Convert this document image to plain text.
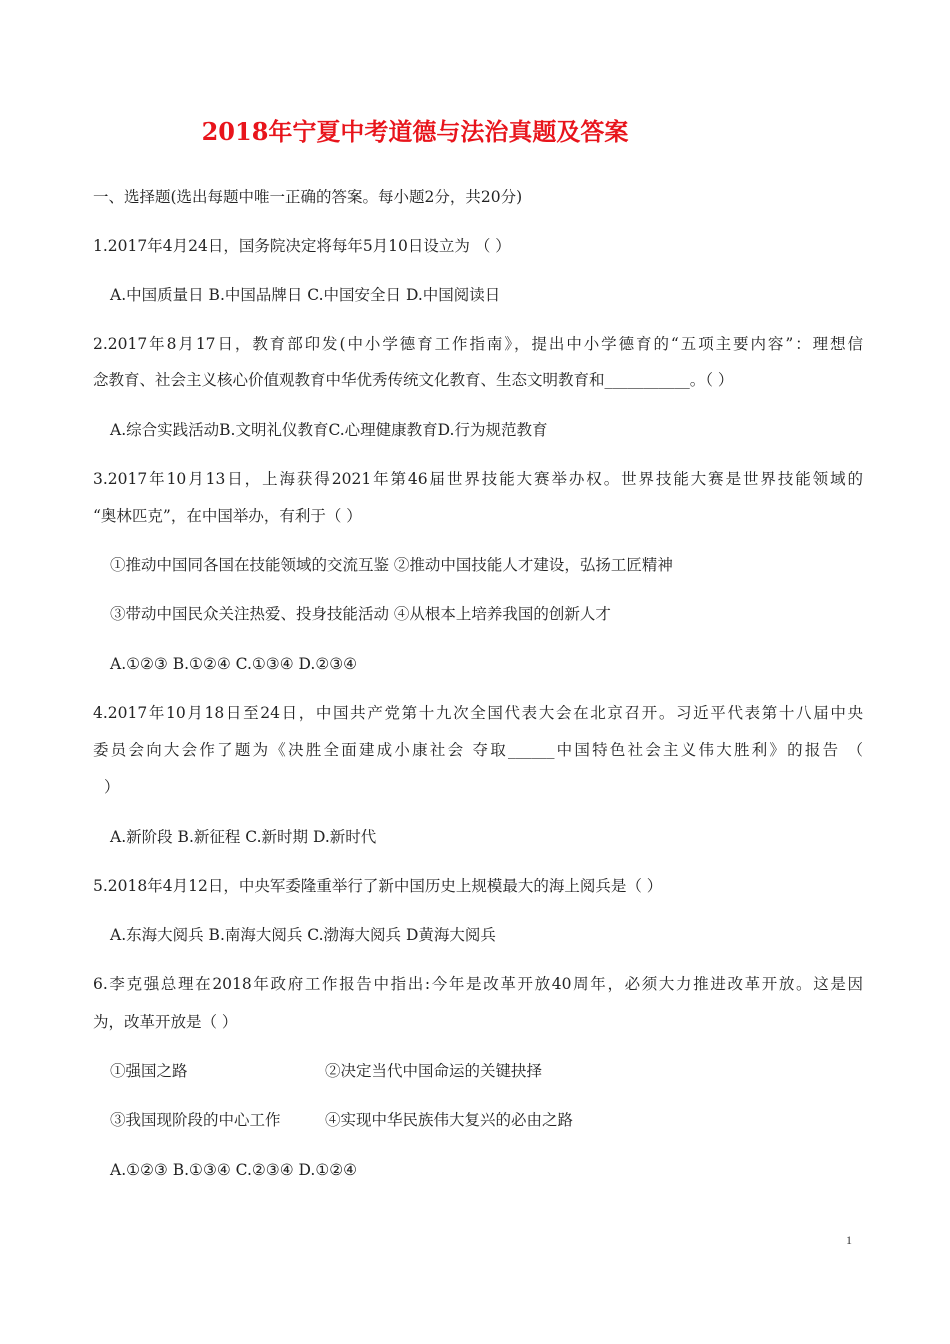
2018年宁夏中考道德与法治真题及答案
一、选择题(选出每题中唯一正确的答案。每小题2分，共20分)
1.2017年4月24日，国务院决定将每年5月10日设立为 （ ）
A.中国质量日 B.中国品牌日 C.中国安全日 D.中国阅读日
2.2017年8月17日，教育部印发(中小学德育工作指南》，提出中小学德育的“五项主要内容”：理想信
念教育、社会主义核心价值观教育中华优秀传统文化教育、生态文明教育和___________。（ ）
A.综合实践活动B.文明礼仪教育C.心理健康教育D.行为规范教育
3.2017年10月13日，上海获得2021年第46届世界技能大赛举办权。世界技能大赛是世界技能领域的
“奥林匹克”，在中国举办，有利于（ ）
①推动中国同各国在技能领域的交流互鉴 ②推动中国技能人才建设，弘扬工匠精神
③带动中国民众关注热爱、投身技能活动 ④从根本上培养我国的创新人才
A.①②③ B.①②④ C.①③④ D.②③④
4.2017年10月18日至24日，中国共产党第十九次全国代表大会在北京召开。习近平代表第十八届中央
委员会向大会作了题为《决胜全面建成小康社会 夺取______中国特色社会主义伟大胜利》的报告 （
）
A.新阶段 B.新征程 C.新时期 D.新时代
5.2018年4月12日，中央军委隆重举行了新中国历史上规模最大的海上阅兵是（ ）
A.东海大阅兵 B.南海大阅兵 C.渤海大阅兵 D黄海大阅兵
6.李克强总理在2018年政府工作报告中指出:今年是改革开放40周年，必须大力推进改革开放。这是因
为，改革开放是（ ）
①强国之路	②决定当代中国命运的关键抉择
③我国现阶段的中心工作	④实现中华民族伟大复兴的必由之路
A.①②③ B.①③④ C.②③④ D.①②④
1
